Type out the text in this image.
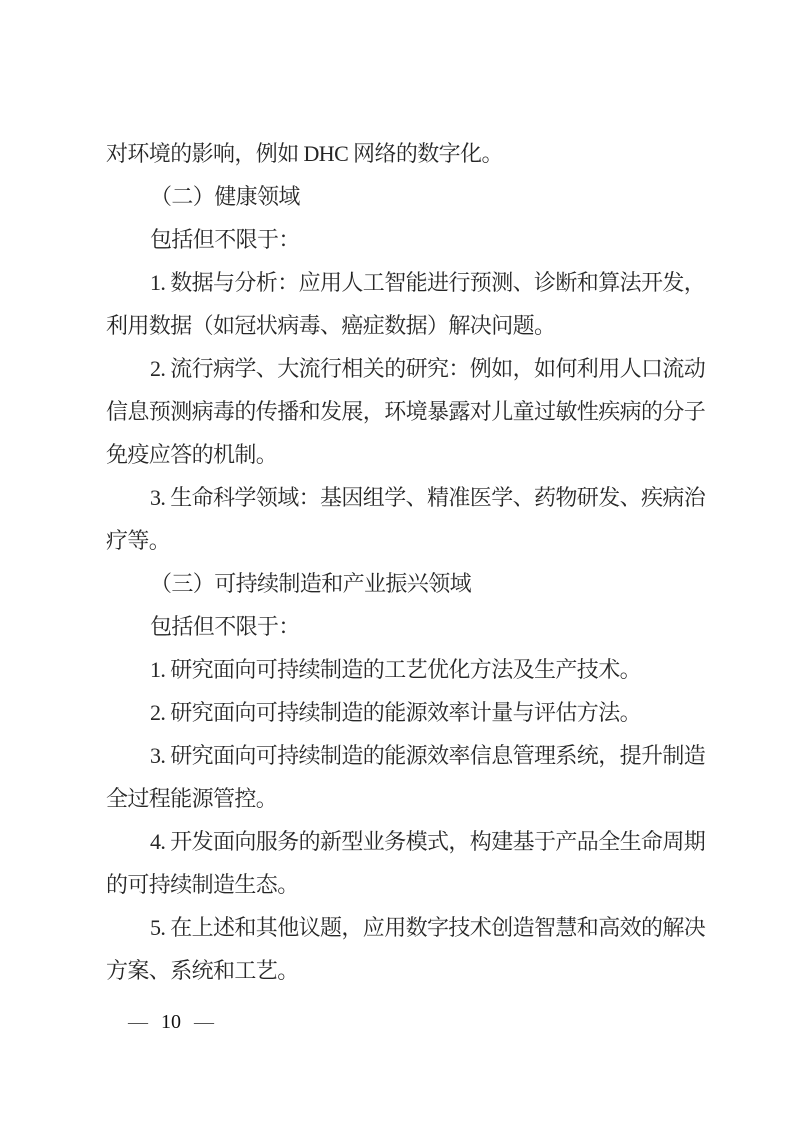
对环境的影响，例如 DHC 网络的数字化。
（二）健康领域
包括但不限于：
1. 数据与分析：应用人工智能进行预测、诊断和算法开发，
利用数据（如冠状病毒、癌症数据）解决问题。
2. 流行病学、大流行相关的研究：例如，如何利用人口流动
信息预测病毒的传播和发展，环境暴露对儿童过敏性疾病的分子
免疫应答的机制。
3. 生命科学领域：基因组学、精准医学、药物研发、疾病治
疗等。
（三）可持续制造和产业振兴领域
包括但不限于：
1. 研究面向可持续制造的工艺优化方法及生产技术。
2. 研究面向可持续制造的能源效率计量与评估方法。
3. 研究面向可持续制造的能源效率信息管理系统，提升制造
全过程能源管控。
4. 开发面向服务的新型业务模式，构建基于产品全生命周期
的可持续制造生态。
5. 在上述和其他议题，应用数字技术创造智慧和高效的解决
方案、系统和工艺。
— 10 —
